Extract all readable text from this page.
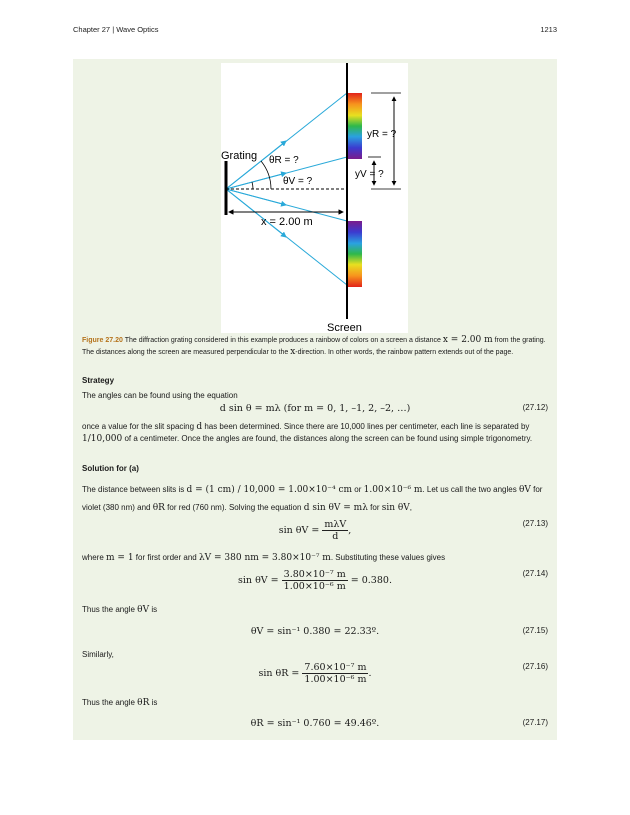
Chapter 27 | Wave Optics	1213
Grating θR = ?
θV = ?
x = 2.00 m
yR = ?
yV = ?
Screen
Figure 27.20 The diffraction grating considered in this example produces a rainbow of colors on a screen a distance x = 2.00 m from the grating. The distances along the screen are measured perpendicular to the x-direction. In other words, the rainbow pattern extends out of the page.
Strategy
The angles can be found using the equation
d sin θ = mλ (for m = 0, 1, –1, 2, –2, …)	(27.12)
once a value for the slit spacing d has been determined. Since there are 10,000 lines per centimeter, each line is separated by 1/10,000 of a centimeter. Once the angles are found, the distances along the screen can be found using simple trigonometry.
Solution for (a)
The distance between slits is d = (1 cm) / 10,000 = 1.00×10⁻⁴ cm or 1.00×10⁻⁶ m. Let us call the two angles θV for violet (380 nm) and θR for red (760 nm). Solving the equation d sin θV = mλ for sin θV,
$\sin \theta V = \frac{\text{mλV}}{d}$ ,
(27.13)
where m = 1 for first order and λV = 380 nm = 3.80×10⁻⁷ m. Substituting these values gives
$\sin \theta V = \frac{\text{3.80×10⁻⁷ m}}{\text{1.00×10⁻⁶ m}} = 0.380$.
(27.14)
Thus the angle θV is
θV = sin⁻¹ 0.380 = 22.33º.	(27.15)
Similarly,
$\sin \theta R = \frac{\text{7.60×10⁻⁷ m}}{\text{1.00×10⁻⁶ m}}$ .
(27.16)
Thus the angle θR is
θR = sin⁻¹ 0.760 = 49.46º.	(27.17)
